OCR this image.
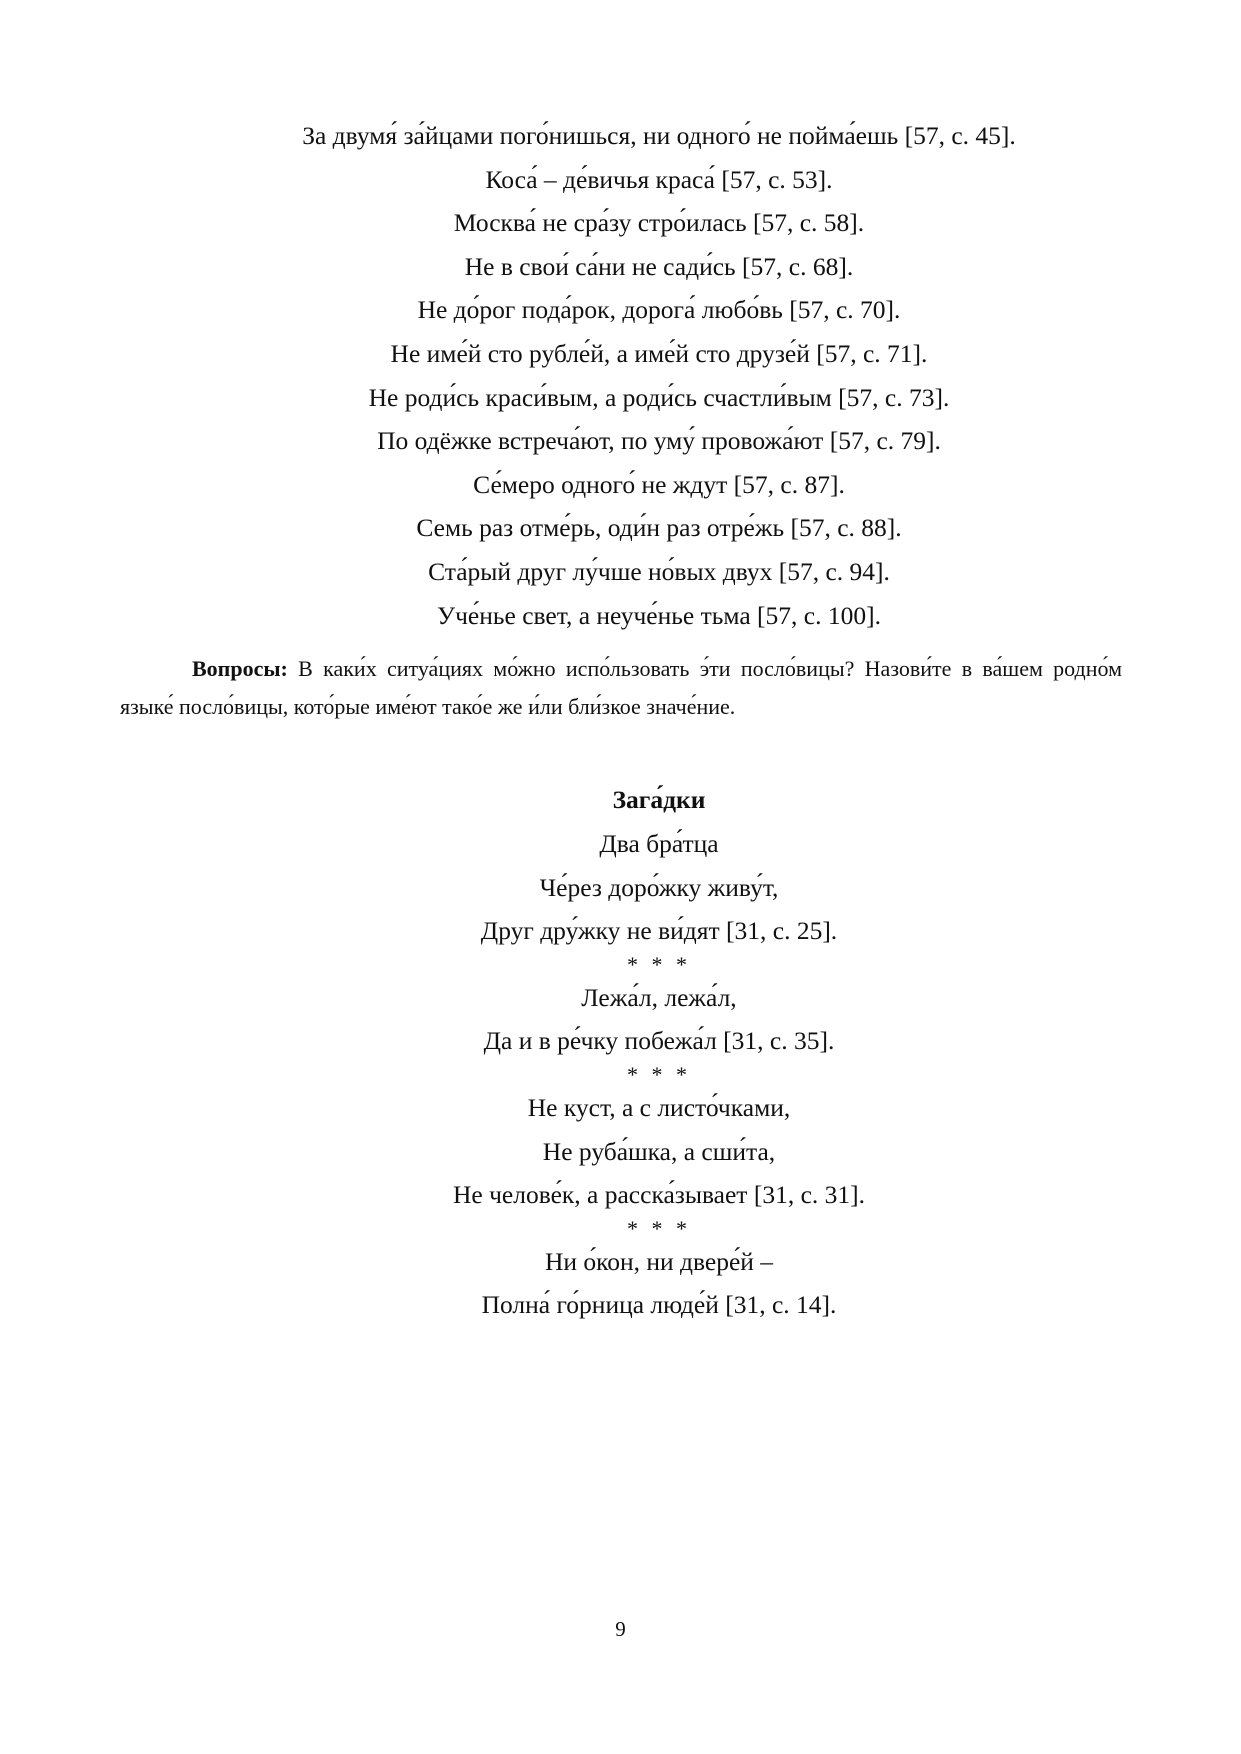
За двумя́ за́йцами пого́нишься, ни одного́ не пойма́ешь [57, с. 45].
Коса́ – де́вичья краса́ [57, с. 53].
Москва́ не сра́зу стро́илась [57, с. 58].
Не в свои́ са́ни не сади́сь [57, с. 68].
Не до́рог пода́рок, дорога́ любо́вь [57, с. 70].
Не име́й сто рубле́й, а име́й сто друзе́й [57, с. 71].
Не роди́сь краси́вым, а роди́сь счастли́вым [57, с. 73].
По одёжке встреча́ют, по уму́ провожа́ют [57, с. 79].
Се́меро одного́ не ждут [57, с. 87].
Семь раз отме́рь, оди́н раз отре́жь [57, с. 88].
Ста́рый друг лу́чше но́вых двух [57, с. 94].
Уче́нье свет, а неуче́нье тьма [57, с. 100].

Вопросы: В каки́х ситуа́циях мо́жно испо́льзовать э́ти посло́вицы? Назови́те в ва́шем родно́м языке́ посло́вицы, кото́рые име́ют тако́е же и́ли бли́зкое значе́ние.

Зага́дки
Два бра́тца
Че́рез доро́жку живу́т,
Друг дру́жку не ви́дят [31, с. 25].
* * *
Лежа́л, лежа́л,
Да и в ре́чку побежа́л [31, с. 35].
* * *
Не куст, а с листо́чками,
Не руба́шка, а сши́та,
Не челове́к, а расска́зывает [31, с. 31].
* * *
Ни о́кон, ни двере́й –
Полна́ го́рница люде́й [31, с. 14].
9
